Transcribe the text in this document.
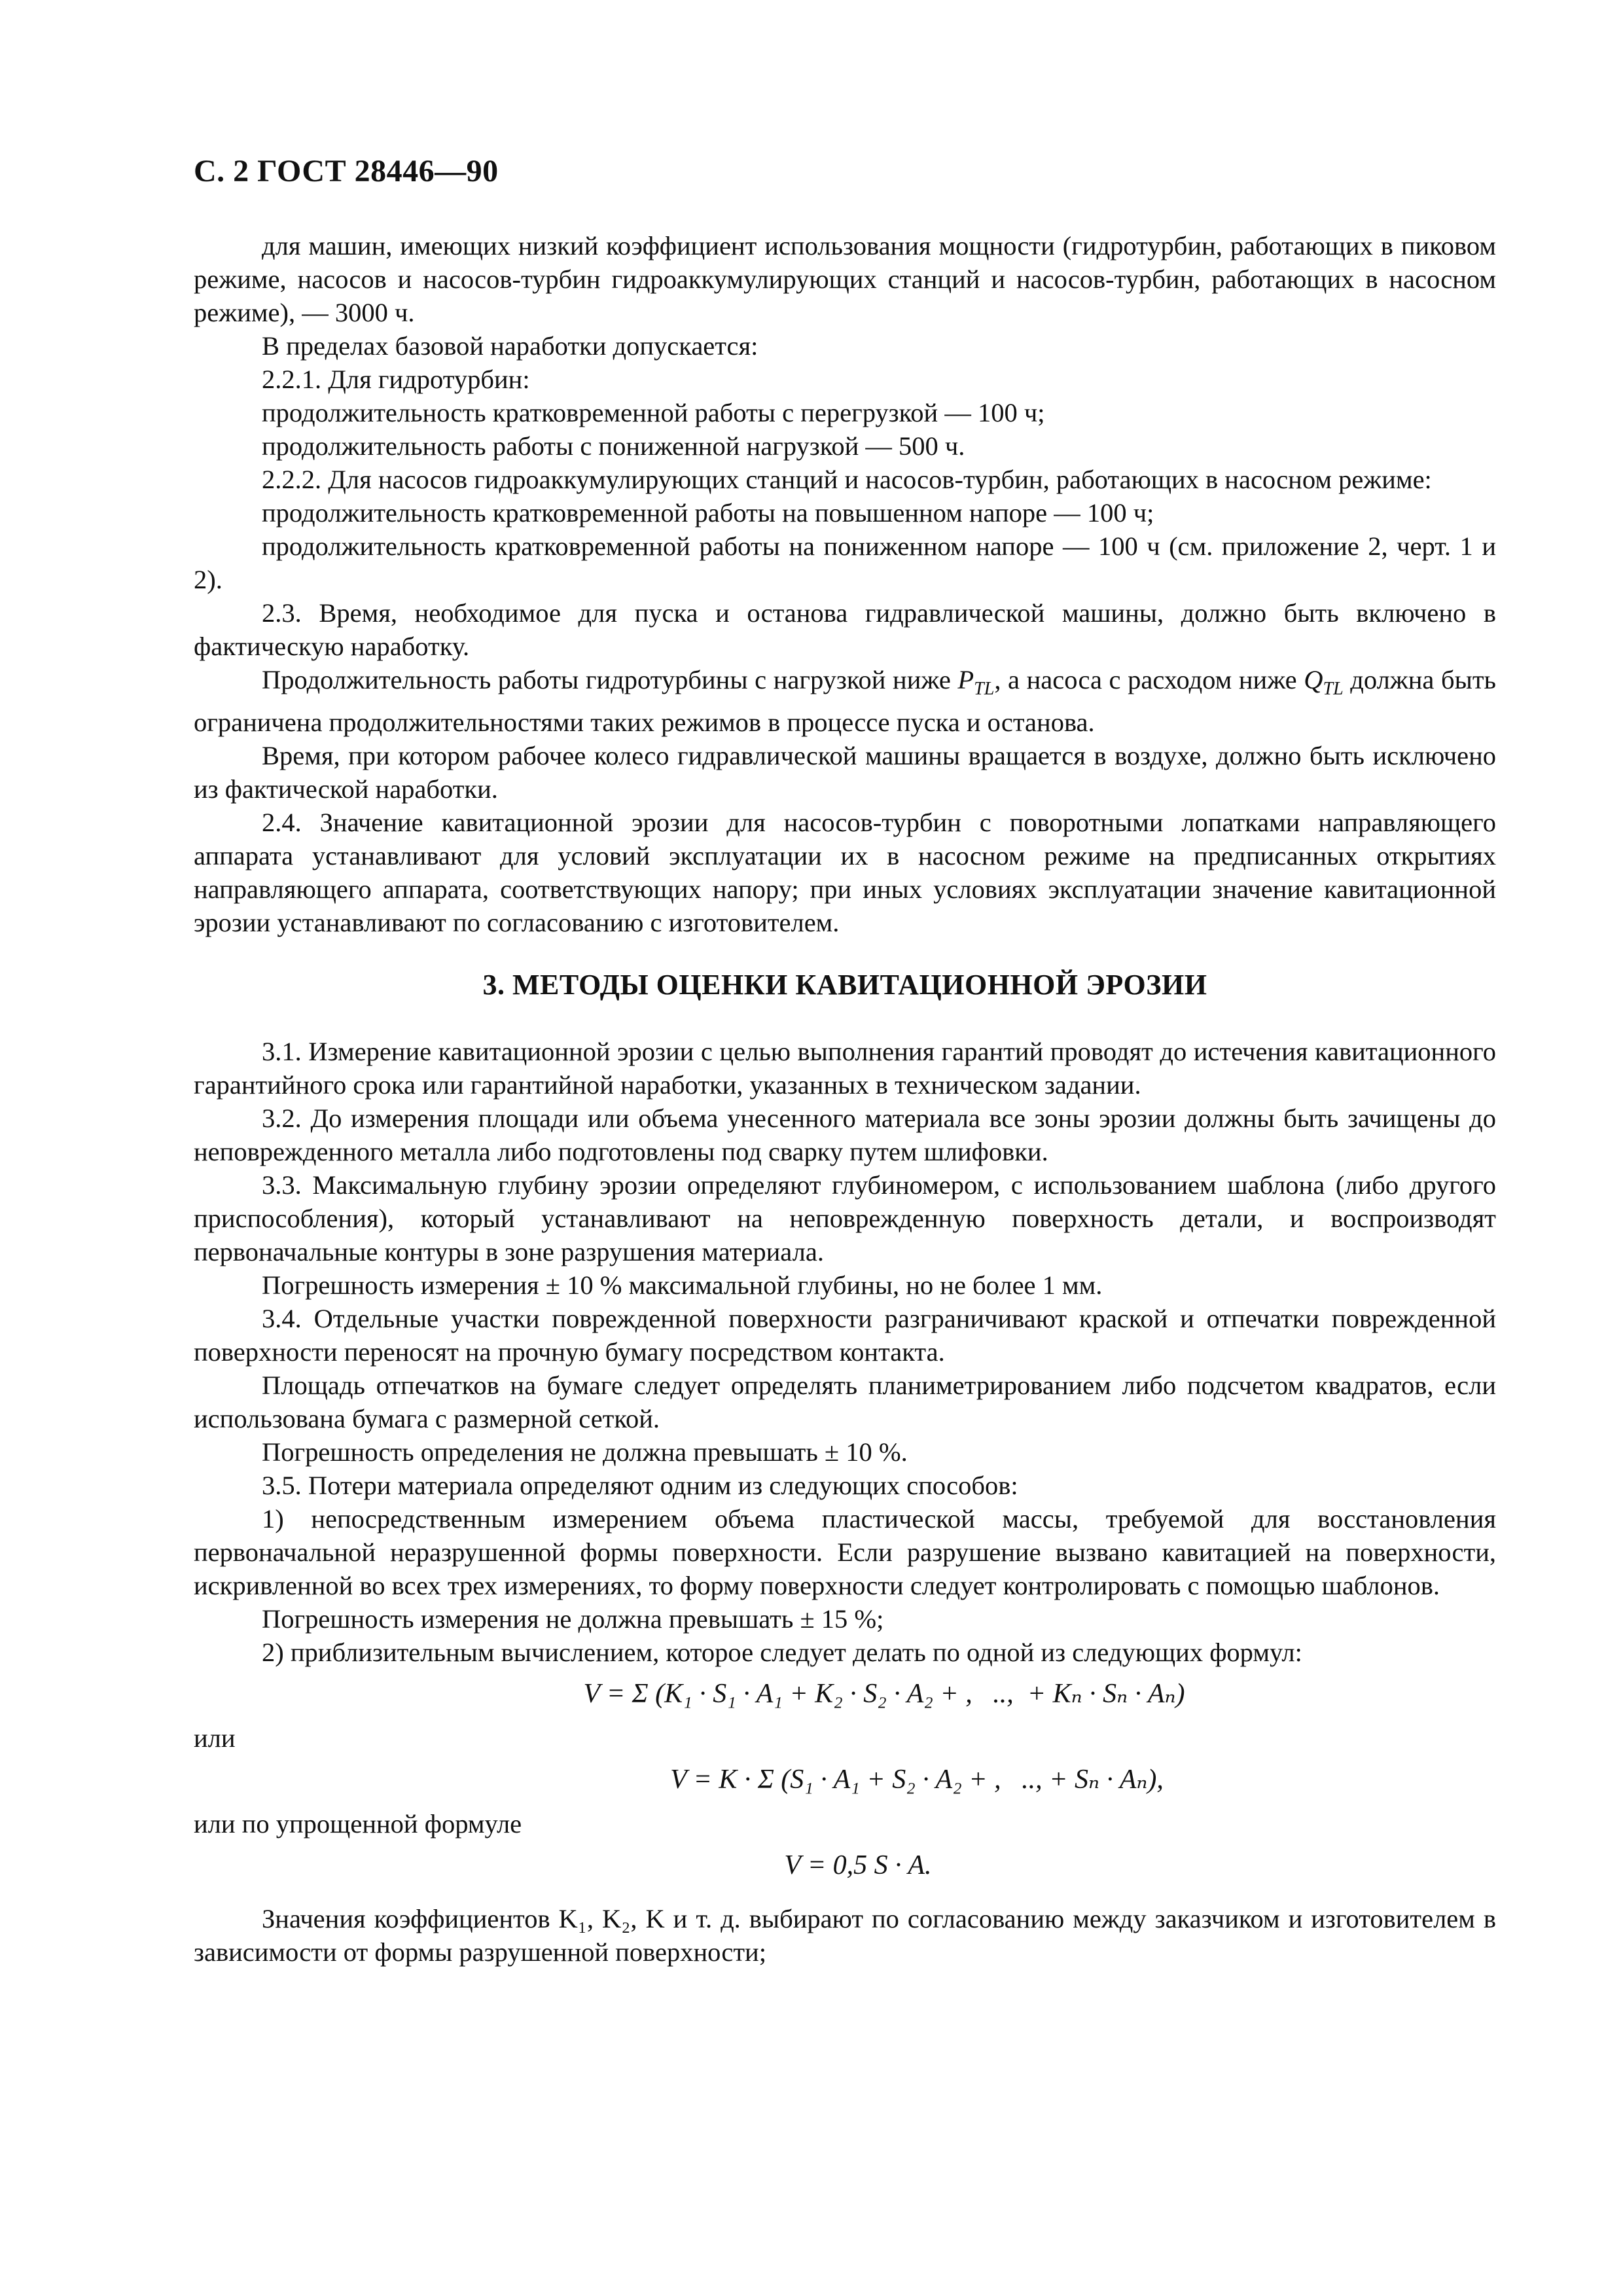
С. 2 ГОСТ 28446—90

для машин, имеющих низкий коэффициент использования мощности (гидротурбин, работающих в пиковом режиме, насосов и насосов-турбин гидроаккумулирующих станций и насосов-турбин, работающих в насосном режиме), — 3000 ч.

В пределах базовой наработки допускается:

2.2.1. Для гидротурбин:

продолжительность кратковременной работы с перегрузкой — 100 ч;

продолжительность работы с пониженной нагрузкой — 500 ч.

2.2.2. Для насосов гидроаккумулирующих станций и насосов-турбин, работающих в насосном режиме:

продолжительность кратковременной работы на повышенном напоре — 100 ч;

продолжительность кратковременной работы на пониженном напоре — 100 ч (см. приложение 2, черт. 1 и 2).

2.3. Время, необходимое для пуска и останова гидравлической машины, должно быть включено в фактическую наработку.

Продолжительность работы гидротурбины с нагрузкой ниже $P_{TL}$, а насоса с расходом ниже $Q_{TL}$ должна быть ограничена продолжительностями таких режимов в процессе пуска и останова.

Время, при котором рабочее колесо гидравлической машины вращается в воздухе, должно быть исключено из фактической наработки.

2.4. Значение кавитационной эрозии для насосов-турбин с поворотными лопатками направляющего аппарата устанавливают для условий эксплуатации их в насосном режиме на предписанных открытиях направляющего аппарата, соответствующих напору; при иных условиях эксплуатации значение кавитационной эрозии устанавливают по согласованию с изготовителем.

3. МЕТОДЫ ОЦЕНКИ КАВИТАЦИОННОЙ ЭРОЗИИ

3.1. Измерение кавитационной эрозии с целью выполнения гарантий проводят до истечения кавитационного гарантийного срока или гарантийной наработки, указанных в техническом задании.

3.2. До измерения площади или объема унесенного материала все зоны эрозии должны быть зачищены до неповрежденного металла либо подготовлены под сварку путем шлифовки.

3.3. Максимальную глубину эрозии определяют глубиномером, с использованием шаблона (либо другого приспособления), который устанавливают на неповрежденную поверхность детали, и воспроизводят первоначальные контуры в зоне разрушения материала.

Погрешность измерения ± 10 % максимальной глубины, но не более 1 мм.

3.4. Отдельные участки поврежденной поверхности разграничивают краской и отпечатки поврежденной поверхности переносят на прочную бумагу посредством контакта.

Площадь отпечатков на бумаге следует определять планиметрированием либо подсчетом квадратов, если использована бумага с размерной сеткой.

Погрешность определения не должна превышать ± 10 %.

3.5. Потери материала определяют одним из следующих способов:

1) непосредственным измерением объема пластической массы, требуемой для восстановления первоначальной неразрушенной формы поверхности. Если разрушение вызвано кавитацией на поверхности, искривленной во всех трех измерениях, то форму поверхности следует контролировать с помощью шаблонов.

Погрешность измерения не должна превышать ± 15 %;

2) приблизительным вычислением, которое следует делать по одной из следующих формул:

V = Σ (K₁ · S₁ · A₁ + K₂ · S₂ · A₂ + ,   ..,  + Kₙ · Sₙ · Aₙ)

или

V = K · Σ (S₁ · A₁ + S₂ · A₂ + ,   .., + Sₙ · Aₙ),

или по упрощенной формуле

V = 0,5 S · A.

Значения коэффициентов K₁, K₂, K и т. д. выбирают по согласованию между заказчиком и изготовителем в зависимости от формы разрушенной поверхности;
